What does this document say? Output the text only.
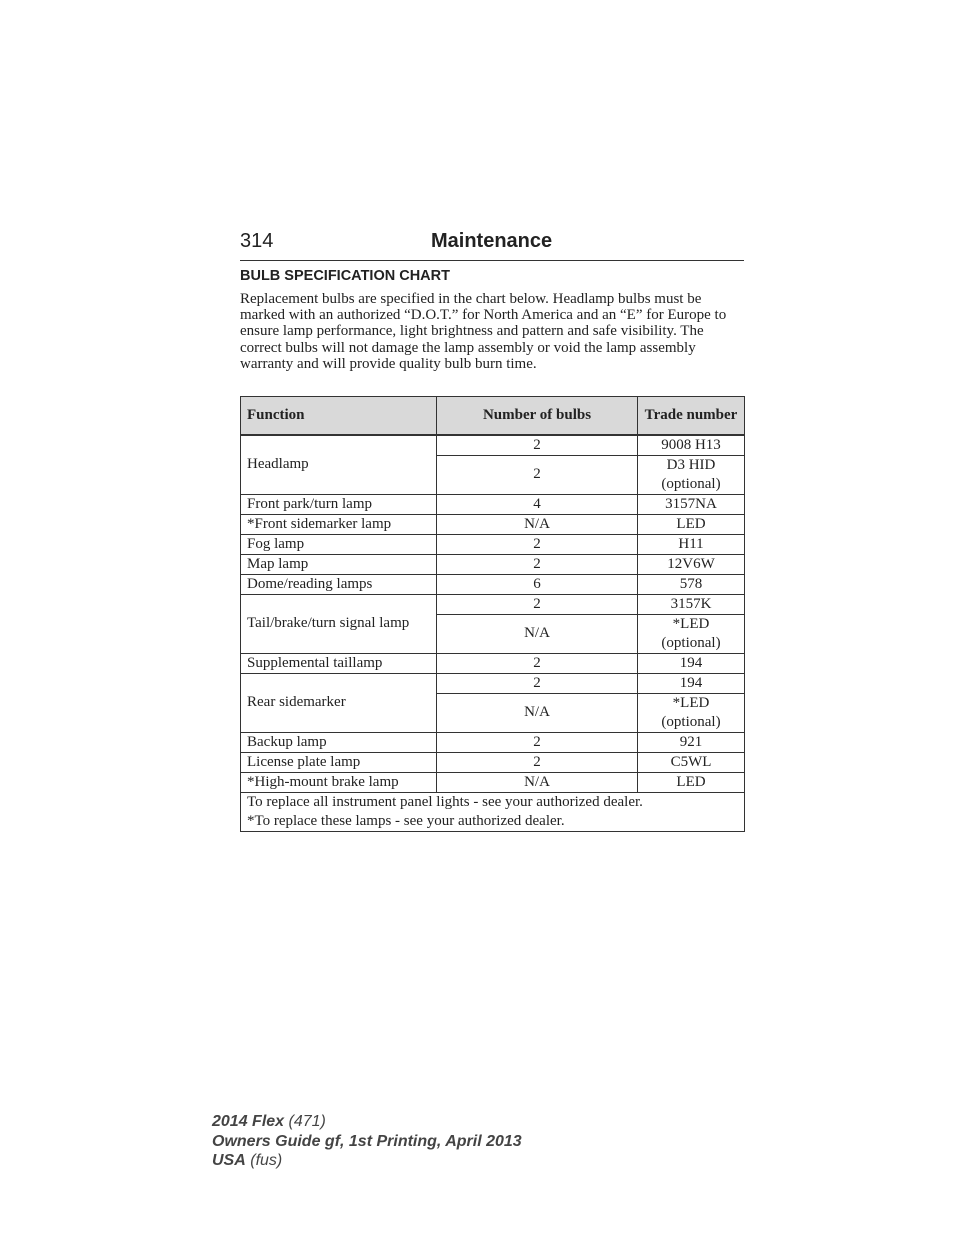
314	Maintenance
BULB SPECIFICATION CHART

Replacement bulbs are specified in the chart below. Headlamp bulbs must be marked with an authorized “D.O.T.” for North America and an “E” for Europe to ensure lamp performance, light brightness and pattern and safe visibility. The correct bulbs will not damage the lamp assembly or void the lamp assembly warranty and will provide quality bulb burn time.

Function	Number of bulbs	Trade number
Headlamp	2	9008 H13
	2	D3 HID (optional)
Front park/turn lamp	4	3157NA
*Front sidemarker lamp	N/A	LED
Fog lamp	2	H11
Map lamp	2	12V6W
Dome/reading lamps	6	578
Tail/brake/turn signal lamp	2	3157K
	N/A	*LED (optional)
Supplemental taillamp	2	194
Rear sidemarker	2	194
	N/A	*LED (optional)
Backup lamp	2	921
License plate lamp	2	C5WL
*High-mount brake lamp	N/A	LED

To replace all instrument panel lights - see your authorized dealer.
*To replace these lamps - see your authorized dealer.		
2014 Flex (471)
Owners Guide gf, 1st Printing, April 2013
USA (fus)
